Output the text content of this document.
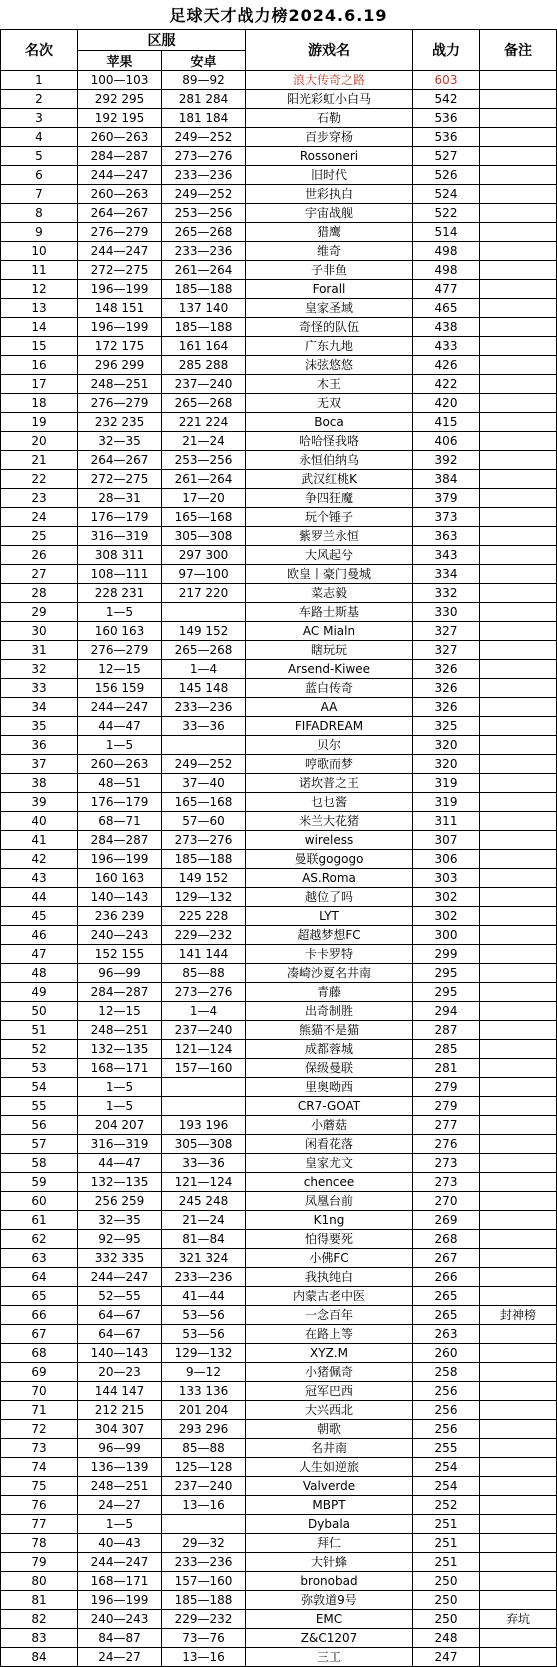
足球天才战力榜2024.6.19					
名次	区服		游戏名	战力	备注
	苹果	安卓			
1	100—103	89—92	浪大传奇之路	603	
2	292 295	281 284	阳光彩虹小白马	542	
3	192 195	181 184	石勒	536	
4	260—263	249—252	百步穿杨	536	
5	284—287	273—276	Rossoneri	527	
6	244—247	233—236	旧时代	526	
7	260—263	249—252	世彩执白	524	
8	264—267	253—256	宇宙战舰	522	
9	276—279	265—268	猎鹰	514	
10	244—247	233—236	维奇	498	
11	272—275	261—264	子非鱼	498	
12	196—199	185—188	Forall	477	
13	148 151	137 140	皇家圣域	465	
14	196—199	185—188	奇怪的队伍	438	
15	172 175	161 164	广东九地	433	
16	296 299	285 288	沫弦悠悠	426	
17	248—251	237—240	木王	422	
18	276—279	265—268	无双	420	
19	232 235	221 224	Boca	415	
20	32—35	21—24	哈哈怪我咯	406	
21	264—267	253—256	永恒伯纳乌	392	
22	272—275	261—264	武汉红桃K	384	
23	28—31	17—20	争四狂魔	379	
24	176—179	165—168	玩个锤子	373	
25	316—319	305—308	紫罗兰永恒	363	
26	308 311	297 300	大风起兮	343	
27	108—111	97—100	欧皇丨豪门曼城	334	
28	228 231	217 220	菜志毅	332	
29	1—5		车路士斯基	330	
30	160 163	149 152	AC Mialn	327	
31	276—279	265—268	瞎玩玩	327	
32	12—15	1—4	Arsend-Kiwee	326	
33	156 159	145 148	蓝白传奇	326	
34	244—247	233—236	AA	326	
35	44—47	33—36	FIFADREAM	325	
36	1—5		贝尔	320	
37	260—263	249—252	哼歌而梦	320	
38	48—51	37—40	诺坎普之王	319	
39	176—179	165—168	乜乜酱	319	
40	68—71	57—60	米兰大花猪	311	
41	284—287	273—276	wireless	307	
42	196—199	185—188	曼联gogogo	306	
43	160 163	149 152	AS.Roma	303	
44	140—143	129—132	越位了吗	302	
45	236 239	225 228	LYT	302	
46	240—243	229—232	超越梦想FC	300	
47	152 155	141 144	卡卡罗特	299	
48	96—99	85—88	凑崎沙夏名井南	295	
49	284—287	273—276	青藤	295	
50	12—15	1—4	出奇制胜	294	
51	248—251	237—240	熊猫不是猫	287	
52	132—135	121—124	成都蓉城	285	
53	168—171	157—160	保级曼联	281	
54	1—5		里奥呦西	279	
55	1—5		CR7-GOAT	279	
56	204 207	193 196	小蘑菇	277	
57	316—319	305—308	闲看花落	276	
58	44—47	33—36	皇家尤文	273	
59	132—135	121—124	chencee	273	
60	256 259	245 248	凤凰台前	270	
61	32—35	21—24	K1ng	269	
62	92—95	81—84	怕得要死	268	
63	332 335	321 324	小佛FC	267	
64	244—247	233—236	我执纯白	266	
65	52—55	41—44	内蒙古老中医	265	
66	64—67	53—56	一念百年	265	封神榜
67	64—67	53—56	在路上等	263	
68	140—143	129—132	XYZ.M	260	
69	20—23	9—12	小猪佩奇	258	
70	144 147	133 136	冠军巴西	256	
71	212 215	201 204	大兴西北	256	
72	304 307	293 296	朝歌	256	
73	96—99	85—88	名井南	255	
74	136—139	125—128	人生如逆旅	254	
75	248—251	237—240	Valverde	254	
76	24—27	13—16	MBPT	252	
77	1—5		Dybala	251	
78	40—43	29—32	拜仁	251	
79	244—247	233—236	大针蜂	251	
80	168—171	157—160	bronobad	250	
81	196—199	185—188	弥敦道9号	250	
82	240—243	229—232	EMC	250	弃坑
83	84—87	73—76	Z&C1207	248	
84	24—27	13—16	三工	247	
